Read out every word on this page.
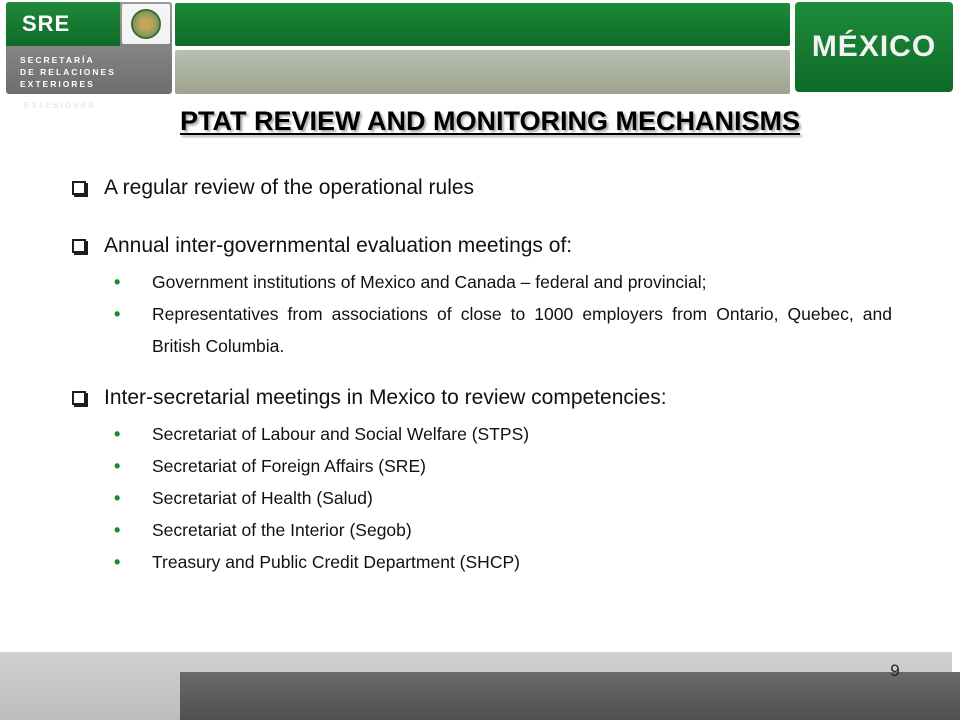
SRE
SECRETARÍA
DE RELACIONES
EXTERIORES
EXTERIORES
MÉXICO
PTAT REVIEW AND MONITORING MECHANISMS
A regular review of the operational rules
Annual inter-governmental evaluation meetings of:
• Government institutions of Mexico and Canada – federal and provincial;
• Representatives from associations of close to 1000 employers from Ontario, Quebec, and British Columbia.
Inter-secretarial meetings in Mexico to review competencies:
• Secretariat of Labour and Social Welfare (STPS)
• Secretariat of Foreign Affairs (SRE)
• Secretariat of Health (Salud)
• Secretariat of the Interior (Segob)
• Treasury and Public Credit Department (SHCP)
9
